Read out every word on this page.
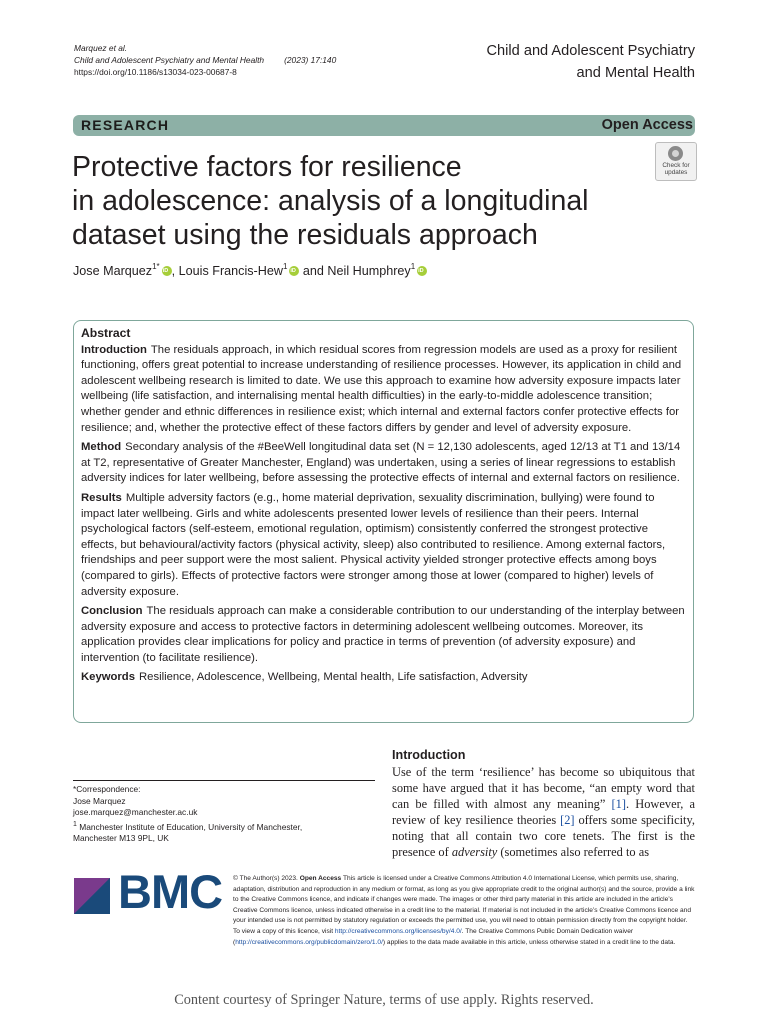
Marquez et al.
Child and Adolescent Psychiatry and Mental Health (2023) 17:140
https://doi.org/10.1186/s13034-023-00687-8
Child and Adolescent Psychiatry
and Mental Health
RESEARCH	Open Access
Check for
updates
Protective factors for resilience
in adolescence: analysis of a longitudinal
dataset using the residuals approach
Jose Marquez$^{1*}$iD , Louis Francis-Hew$^1$iD and Neil Humphrey$^1$iD
Abstract

Introduction The residuals approach, in which residual scores from regression models are used as a proxy for resilient functioning, offers great potential to increase understanding of resilience processes. However, its application in child and adolescent wellbeing research is limited to date. We use this approach to examine how adversity exposure impacts later wellbeing (life satisfaction, and internalising mental health difficulties) in the early-to-middle adolescence transition; whether gender and ethnic differences in resilience exist; which internal and external factors confer protective effects for resilience; and, whether the protective effect of these factors differs by gender and level of adversity exposure.

Method Secondary analysis of the #BeeWell longitudinal data set (N = 12,130 adolescents, aged 12/13 at T1 and 13/14 at T2, representative of Greater Manchester, England) was undertaken, using a series of linear regressions to establish adversity indices for later wellbeing, before assessing the protective effects of internal and external factors on resilience.

Results Multiple adversity factors (e.g., home material deprivation, sexuality discrimination, bullying) were found to impact later wellbeing. Girls and white adolescents presented lower levels of resilience than their peers. Internal psychological factors (self-esteem, emotional regulation, optimism) consistently conferred the strongest protective effects, but behavioural/activity factors (physical activity, sleep) also contributed to resilience. Among external factors, friendships and peer support were the most salient. Physical activity yielded stronger protective effects among boys (compared to girls). Effects of protective factors were stronger among those at lower (compared to higher) levels of adversity exposure.

Conclusion The residuals approach can make a considerable contribution to our understanding of the interplay between adversity exposure and access to protective factors in determining adolescent wellbeing outcomes. Moreover, its application provides clear implications for policy and practice in terms of prevention (of adversity exposure) and intervention (to facilitate resilience).

Keywords Resilience, Adolescence, Wellbeing, Mental health, Life satisfaction, Adversity

*Correspondence:
Jose Marquez
jose.marquez@manchester.ac.uk
$^1$ Manchester Institute of Education, University of Manchester,
Manchester M13 9PL, UK
Introduction
Use of the term ‘resilience’ has become so ubiquitous that some have argued that it has become, “an empty word that can be filled with almost any meaning” [1]. However, a review of key resilience theories [2] offers some specificity, noting that all contain two core tenets. The first is the presence of adversity (sometimes also referred to as
BMC © The Author(s) 2023. Open Access This article is licensed under a Creative Commons Attribution 4.0 International License, which permits use, sharing, adaptation, distribution and reproduction in any medium or format, as long as you give appropriate credit to the original author(s) and the source, provide a link to the Creative Commons licence, and indicate if changes were made. The images or other third party material in this article are included in the article’s Creative Commons licence, unless indicated otherwise in a credit line to the material. If material is not included in the article’s Creative Commons licence and your intended use is not permitted by statutory regulation or exceeds the permitted use, you will need to obtain permission directly from the copyright holder. To view a copy of this licence, visit http://creativecommons.org/licenses/by/4.0/. The Creative Commons Public Domain Dedication waiver (http://creativecommons.org/publicdomain/zero/1.0/) applies to the data made available in this article, unless otherwise stated in a credit line to the data.
Content courtesy of Springer Nature, terms of use apply. Rights reserved.
